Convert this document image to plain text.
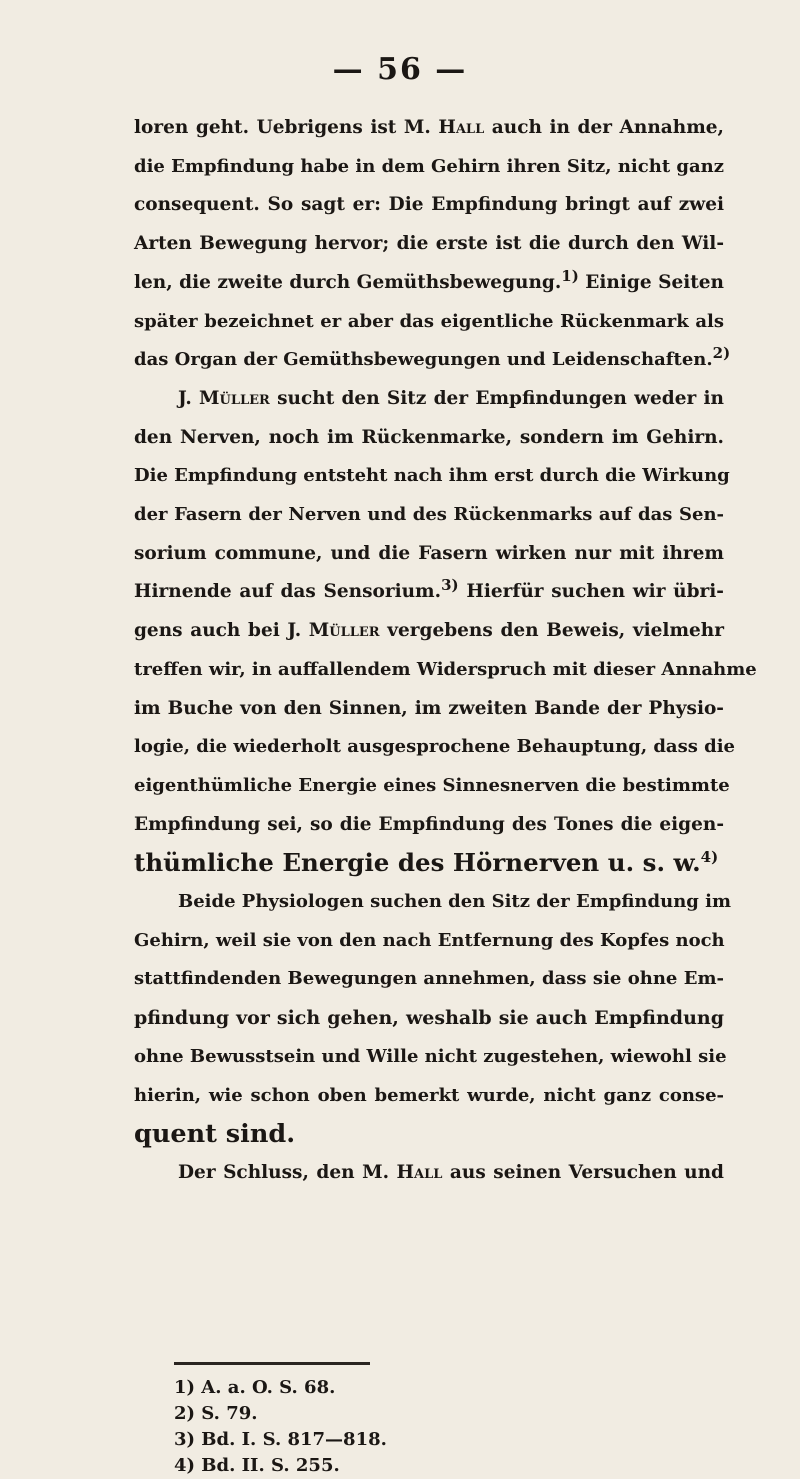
— 56 —
loren geht. Uebrigens ist M. Hall auch in der Annahme,
die Empfindung habe in dem Gehirn ihren Sitz, nicht ganz
consequent. So sagt er: Die Empfindung bringt auf zwei
Arten Bewegung hervor; die erste ist die durch den Wil-
len, die zweite durch Gemüthsbewegung.$^{1)}$ Einige Seiten
später bezeichnet er aber das eigentliche Rückenmark als
das Organ der Gemüthsbewegungen und Leidenschaften.$^{2)}$
J. Müller sucht den Sitz der Empfindungen weder in
den Nerven, noch im Rückenmarke, sondern im Gehirn.
Die Empfindung entsteht nach ihm erst durch die Wirkung
der Fasern der Nerven und des Rückenmarks auf das Sen-
sorium commune, und die Fasern wirken nur mit ihrem
Hirnende auf das Sensorium.$^{3)}$ Hierfür suchen wir übri-
gens auch bei J. Müller vergebens den Beweis, vielmehr
treffen wir, in auffallendem Widerspruch mit dieser Annahme
im Buche von den Sinnen, im zweiten Bande der Physio-
logie, die wiederholt ausgesprochene Behauptung, dass die
eigenthümliche Energie eines Sinnesnerven die bestimmte
Empfindung sei, so die Empfindung des Tones die eigen-
thümliche Energie des Hörnerven u. s. w.$^{4)}$
Beide Physiologen suchen den Sitz der Empfindung im
Gehirn, weil sie von den nach Entfernung des Kopfes noch
stattfindenden Bewegungen annehmen, dass sie ohne Em-
pfindung vor sich gehen, weshalb sie auch Empfindung
ohne Bewusstsein und Wille nicht zugestehen, wiewohl sie
hierin, wie schon oben bemerkt wurde, nicht ganz conse-
quent sind.
Der Schluss, den M. Hall aus seinen Versuchen und
1) A. a. O. S. 68.
2) S. 79.
3) Bd. I. S. 817—818.
4) Bd. II. S. 255.
